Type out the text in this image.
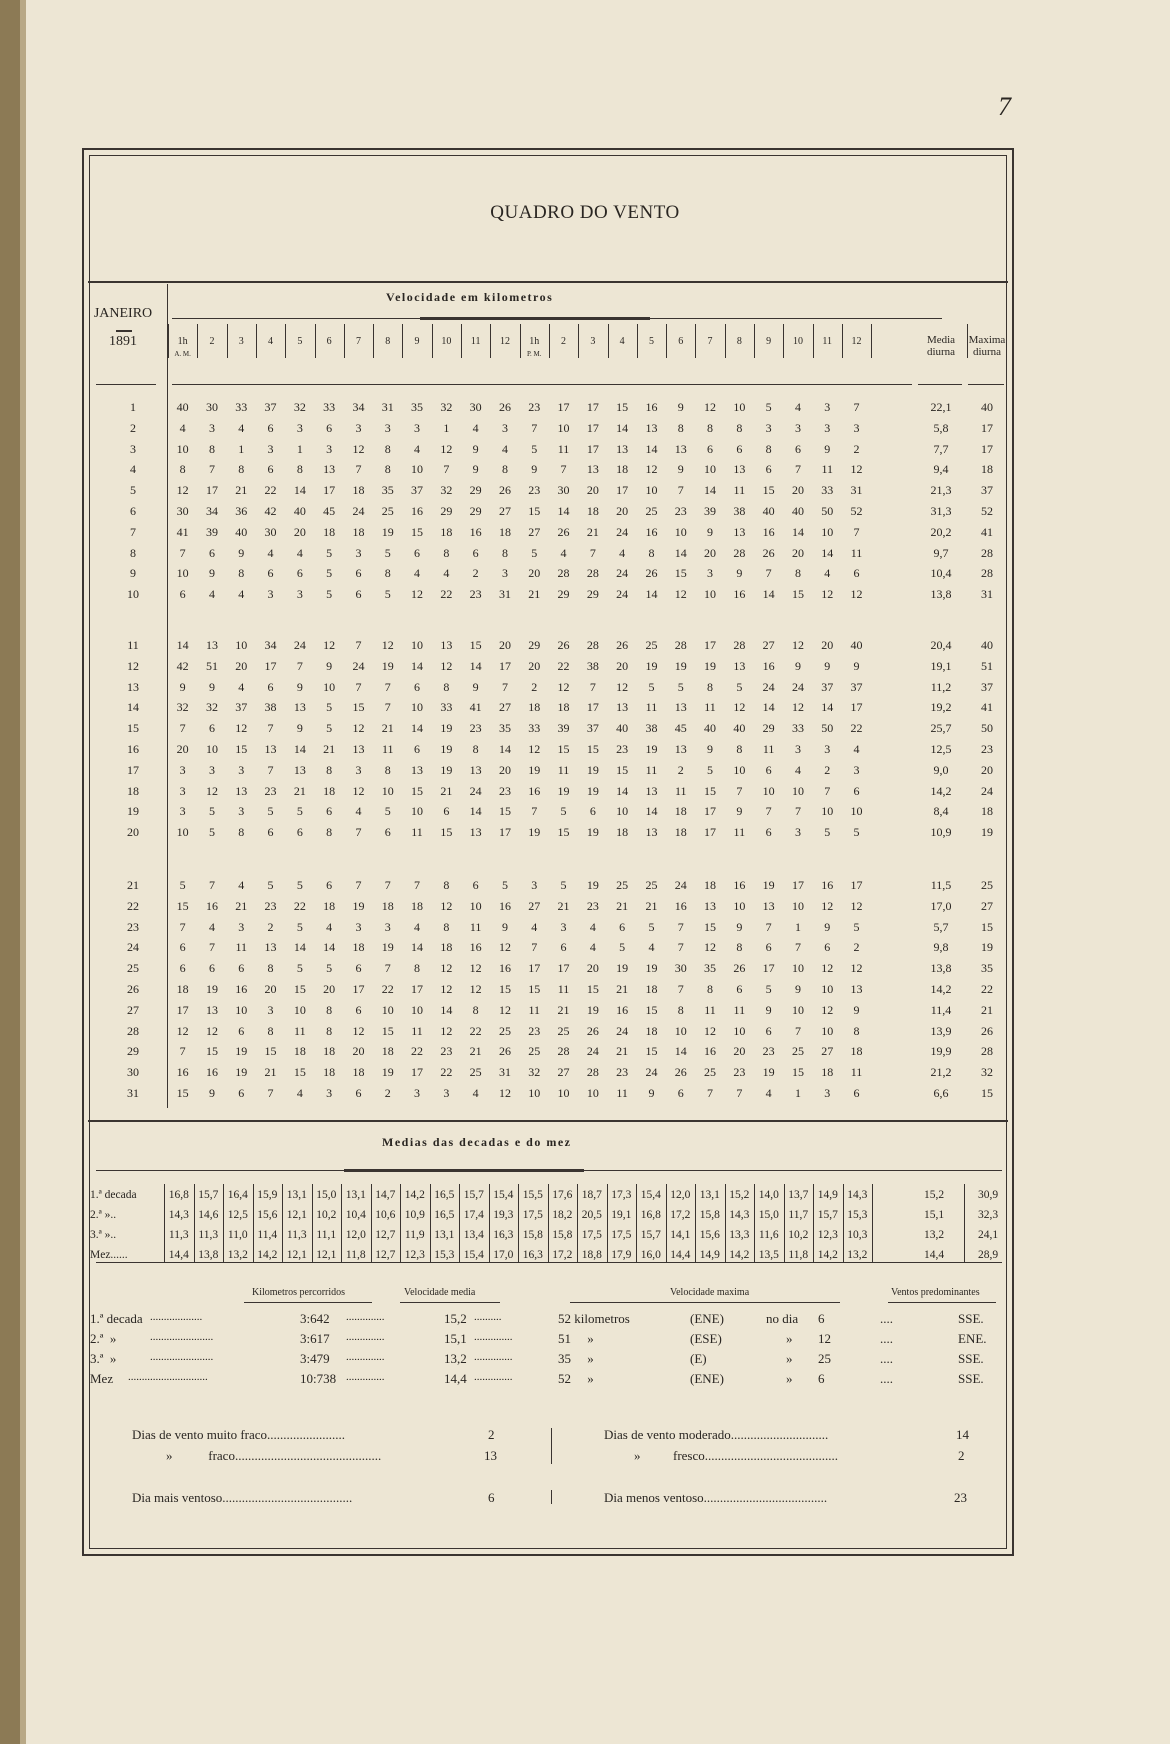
7
QUADRO DO VENTO
JANEIRO
1891
Velocidade em kilometros
1h
A. M.
2	3	4	5	6	7	8	9	10	11	12	1h
P. M.
2	3	4	5	6	7	8	9	10	11	12	Media diurna
Maxima diurna
1	40	30	33	37	32	33	34	31	35	32	30	26	23	17	17	15	16	9	12	10	5	4	3	7	22,1	40
2	4	3	4	6	3	6	3	3	3	1	4	3	7	10	17	14	13	8	8	8	3	3	3	3	5,8	17
3	10	8	1	3	1	3	12	8	4	12	9	4	5	11	17	13	14	13	6	6	8	6	9	2	7,7	17
4	8	7	8	6	8	13	7	8	10	7	9	8	9	7	13	18	12	9	10	13	6	7	11	12	9,4	18
5	12	17	21	22	14	17	18	35	37	32	29	26	23	30	20	17	10	7	14	11	15	20	33	31	21,3	37
6	30	34	36	42	40	45	24	25	16	29	29	27	15	14	18	20	25	23	39	38	40	40	50	52	31,3	52
7	41	39	40	30	20	18	18	19	15	18	16	18	27	26	21	24	16	10	9	13	16	14	10	7	20,2	41
8	7	6	9	4	4	5	3	5	6	8	6	8	5	4	7	4	8	14	20	28	26	20	14	11	9,7	28
9	10	9	8	6	6	5	6	8	4	4	2	3	20	28	28	24	26	15	3	9	7	8	4	6	10,4	28
10	6	4	4	3	3	5	6	5	12	22	23	31	21	29	29	24	14	12	10	16	14	15	12	12	13,8	31
11	14	13	10	34	24	12	7	12	10	13	15	20	29	26	28	26	25	28	17	28	27	12	20	40	20,4	40
12	42	51	20	17	7	9	24	19	14	12	14	17	20	22	38	20	19	19	19	13	16	9	9	9	19,1	51
13	9	9	4	6	9	10	7	7	6	8	9	7	2	12	7	12	5	5	8	5	24	24	37	37	11,2	37
14	32	32	37	38	13	5	15	7	10	33	41	27	18	18	17	13	11	13	11	12	14	12	14	17	19,2	41
15	7	6	12	7	9	5	12	21	14	19	23	35	33	39	37	40	38	45	40	40	29	33	50	22	25,7	50
16	20	10	15	13	14	21	13	11	6	19	8	14	12	15	15	23	19	13	9	8	11	3	3	4	12,5	23
17	3	3	3	7	13	8	3	8	13	19	13	20	19	11	19	15	11	2	5	10	6	4	2	3	9,0	20
18	3	12	13	23	21	18	12	10	15	21	24	23	16	19	19	14	13	11	15	7	10	10	7	6	14,2	24
19	3	5	3	5	5	6	4	5	10	6	14	15	7	5	6	10	14	18	17	9	7	7	10	10	8,4	18
20	10	5	8	6	6	8	7	6	11	15	13	17	19	15	19	18	13	18	17	11	6	3	5	5	10,9	19
21	5	7	4	5	5	6	7	7	7	8	6	5	3	5	19	25	25	24	18	16	19	17	16	17	11,5	25
22	15	16	21	23	22	18	19	18	18	12	10	16	27	21	23	21	21	16	13	10	13	10	12	12	17,0	27
23	7	4	3	2	5	4	3	3	4	8	11	9	4	3	4	6	5	7	15	9	7	1	9	5	5,7	15
24	6	7	11	13	14	14	18	19	14	18	16	12	7	6	4	5	4	7	12	8	6	7	6	2	9,8	19
25	6	6	6	8	5	5	6	7	8	12	12	16	17	17	20	19	19	30	35	26	17	10	12	12	13,8	35
26	18	19	16	20	15	20	17	22	17	12	12	15	15	11	15	21	18	7	8	6	5	9	10	13	14,2	22
27	17	13	10	3	10	8	6	10	10	14	8	12	11	21	19	16	15	8	11	11	9	10	12	9	11,4	21
28	12	12	6	8	11	8	12	15	11	12	22	25	23	25	26	24	18	10	12	10	6	7	10	8	13,9	26
29	7	15	19	15	18	18	20	18	22	23	21	26	25	28	24	21	15	14	16	20	23	25	27	18	19,9	28
30	16	16	19	21	15	18	18	19	17	22	25	31	32	27	28	23	24	26	25	23	19	15	18	11	21,2	32
31	15	9	6	7	4	3	6	2	3	3	4	12	10	10	10	11	9	6	7	7	4	1	3	6	6,6	15
Medias das decadas e do mez
1.ª decada	16,8 15,7 16,4 15,9 13,1 15,0 13,1 14,7 14,2 16,5 15,7 15,4 15,5 17,6 18,7 17,3 15,4 12,0 13,1 15,2 14,0 13,7 14,9 14,3	15,2	30,9
2.ª »..	14,3 14,6 12,5 15,6 12,1 10,2 10,4 10,6 10,9 16,5 17,4 19,3 17,5 18,2 20,5 19,1 16,8 17,2 15,8 14,3 15,0 11,7 15,7 15,3	15,1	32,3
3.ª »..	11,3 11,3 11,0 11,4 11,3 11,1 12,0 12,7 11,9 13,1 13,4 16,3 15,8 15,8 17,5 17,5 15,7 14,1 15,6 13,3 11,6 10,2 12,3 10,3	13,2	24,1
Mez......	14,4 13,8 13,2 14,2 12,1 12,1 11,8 12,7 12,3 15,3 15,4 17,0 16,3 17,2 18,8 17,9 16,0 14,4 14,9 14,2 13,5 11,8 14,2 13,2	14,4	28,9
Kilometros percorridos	Velocidade media	Velocidade maxima	Ventos predominantes
1.ª decada ...................	3:642 ..............	15,2 ..........	52 kilometros	(ENE)	no dia 6	....	SSE.
2.ª  »	.......................	3:617 ..............	15,1 ..............	51     »	(ESE)	» 12	....	ENE.
3.ª  »	.......................	3:479 ..............	13,2 ..............	35     »	(E)	» 25	....	SSE.
Mez .............................	10:738 ..............	14,4 ..............	52     »	(ENE)	» 6	....	SSE.
Dias de vento muito fraco........................	2
»           fraco.............................................	13
Dia mais ventoso........................................	6
Dias de vento moderado..............................	14
»          fresco.........................................	2
Dia menos ventoso......................................	23
